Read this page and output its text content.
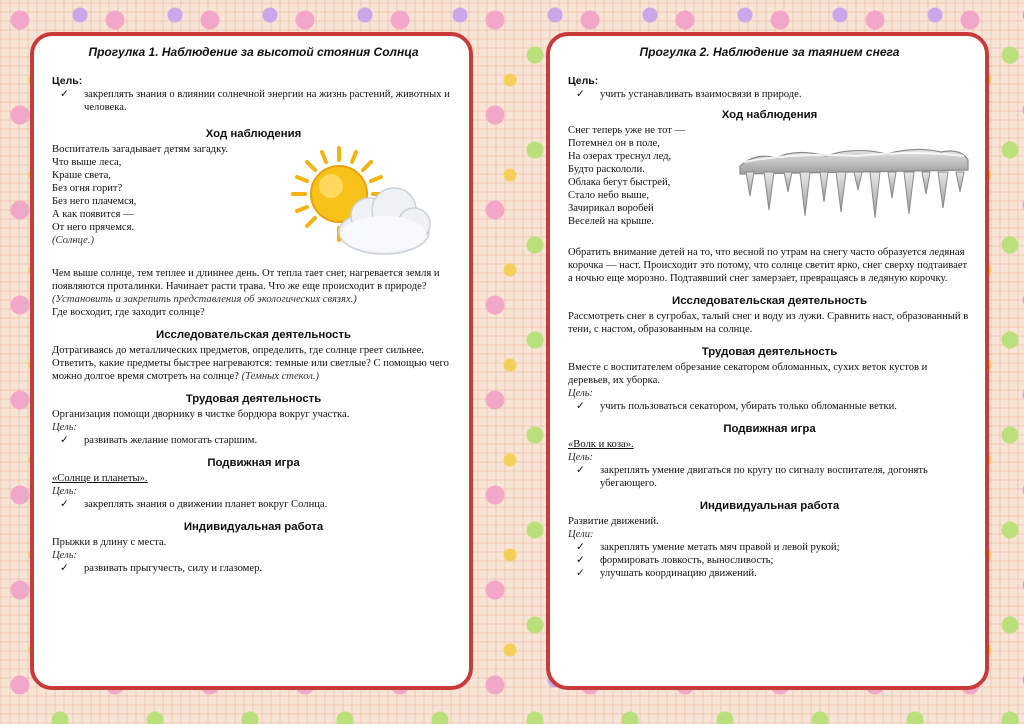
Прогулка 1. Наблюдение за высотой стояния Солнца
Цель:
✓ закреплять знания о влиянии солнечной энергии на жизнь растений, животных и человека.
Ход наблюдения
Воспитатель загадывает детям загадку.
Что выше леса,
Краше света,
Без огня горит?
Без него плачемся,
А как появится —
От него прячемся.
(Солнце.)
Чем выше солнце, тем теплее и длиннее день. От тепла тает снег, нагревается земля и появляются проталинки. Начинает расти трава. Что же еще происходит в природе? (Установить и закрепить представления об экологических связях.)
Где восходит, где заходит солнце?
Исследовательская деятельность
Дотрагиваясь до металлических предметов, определить, где солнце греет сильнее. Ответить, какие предметы быстрее нагреваются: темные или светлые? С помощью чего можно долгое время смотреть на солнце? (Темных стекол.)
Трудовая деятельность
Организация помощи дворнику в чистке бордюра вокруг участка.
Цель:
✓ развивать желание помогать старшим.
Подвижная игра
«Солнце и планеты».
Цель:
✓ закреплять знания о движении планет вокруг Солнца.
Индивидуальная работа
Прыжки в длину с места.
Цель:
✓ развивать прыгучесть, силу и глазомер.
Прогулка 2. Наблюдение за таянием снега
Цель:
✓ учить устанавливать взаимосвязи в природе.
Ход наблюдения
Снег теперь уже не тот —
Потемнел он в поле,
На озерах треснул лед,
Будто раскололи.
Облака бегут быстрей,
Стало небо выше,
Зачирикал воробей
Веселей на крыше.
Обратить внимание детей на то, что весной по утрам на снегу часто образуется ледяная корочка — наст. Происходит это потому, что солнце светит ярко, снег сверху подтаивает а ночью еще морозно. Подтаявший снег замерзает, превращаясь в ледяную корочку.
Исследовательская деятельность
Рассмотреть снег в сугробах, талый снег и воду из лужи. Сравнить наст, образованный в тени, с настом, образованным на солнце.
Трудовая деятельность
Вместе с воспитателем обрезание секатором обломанных, сухих веток кустов и деревьев, их уборка.
Цель:
✓ учить пользоваться секатором, убирать только обломанные ветки.
Подвижная игра
«Волк и коза».
Цель:
✓ закреплять умение двигаться по кругу по сигналу воспитателя, догонять убегающего.
Индивидуальная работа
Развитие движений.
Цели:
✓ закреплять умение метать мяч правой и левой рукой;
✓ формировать ловкость, выносливость;
✓ улучшать координацию движений.
